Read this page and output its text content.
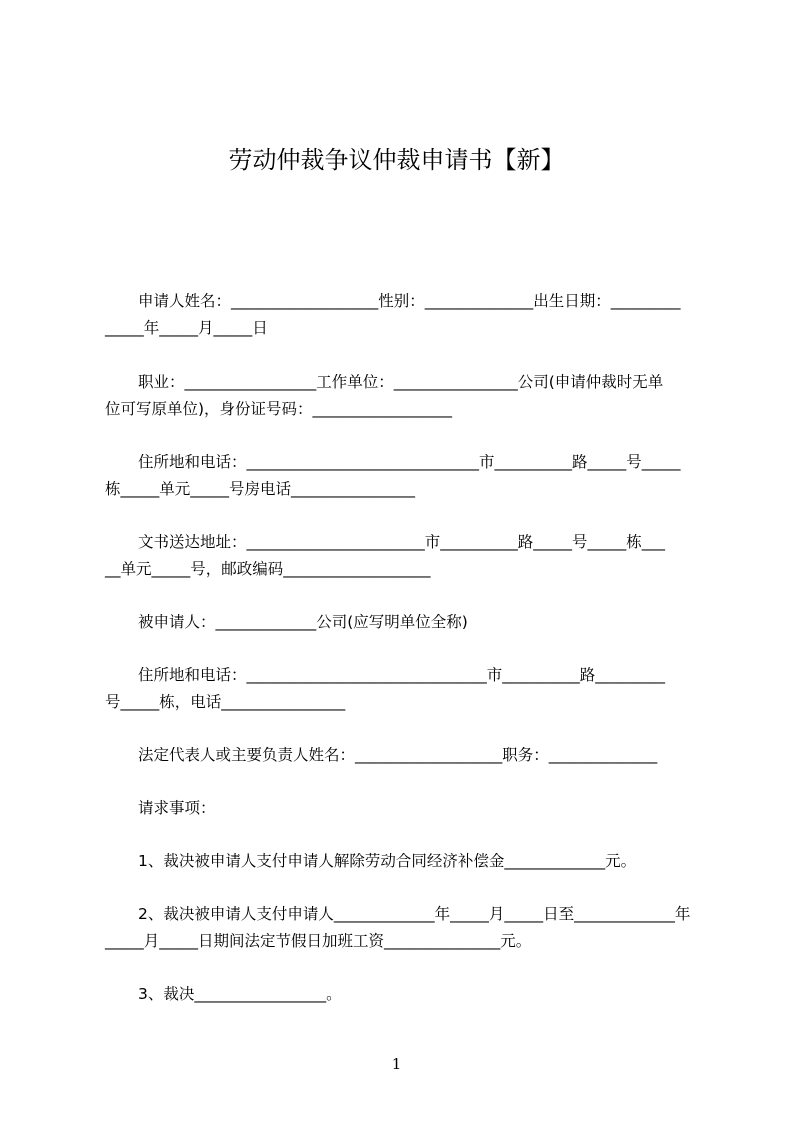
劳动仲裁争议仲裁申请书【新】
申请人姓名：___________________性别：______________出生日期：_________
_____年_____月_____日
职业：_________________工作单位：________________公司(申请仲裁时无单
位可写原单位)，身份证号码：__________________
住所地和电话：______________________________市__________路_____号_____
栋_____单元_____号房电话________________
文书送达地址：_______________________市__________路_____号_____栋___
__单元_____号，邮政编码___________________
被申请人：_____________公司(应写明单位全称)
住所地和电话：_______________________________市__________路_________
号_____栋，电话________________
法定代表人或主要负责人姓名：___________________职务：______________
请求事项：
1、裁决被申请人支付申请人解除劳动合同经济补偿金_____________元。
2、裁决被申请人支付申请人_____________年_____月_____日至_____________年
_____月_____日期间法定节假日加班工资_______________元。
3、裁决_________________。
1
